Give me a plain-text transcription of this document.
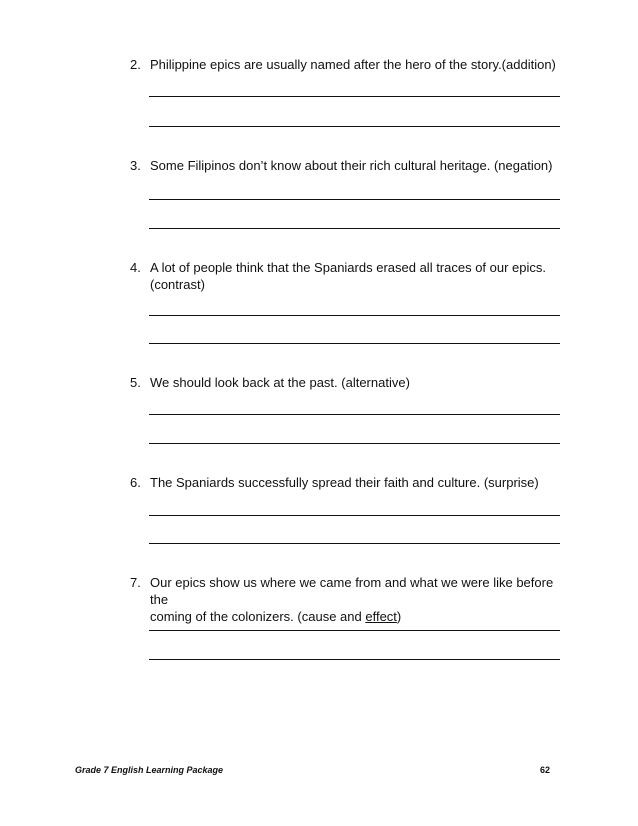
2. Philippine epics are usually named after the hero of the story.(addition)
3. Some Filipinos don’t know about their rich cultural heritage. (negation)
4. A lot of people think that the Spaniards erased all traces of our epics.
(contrast)
5. We should look back at the past. (alternative)
6. The Spaniards successfully spread their faith and culture. (surprise)
7. Our epics show us where we came from and what we were like before the
coming of the colonizers. (cause and effect)
Grade 7 English Learning Package	62
